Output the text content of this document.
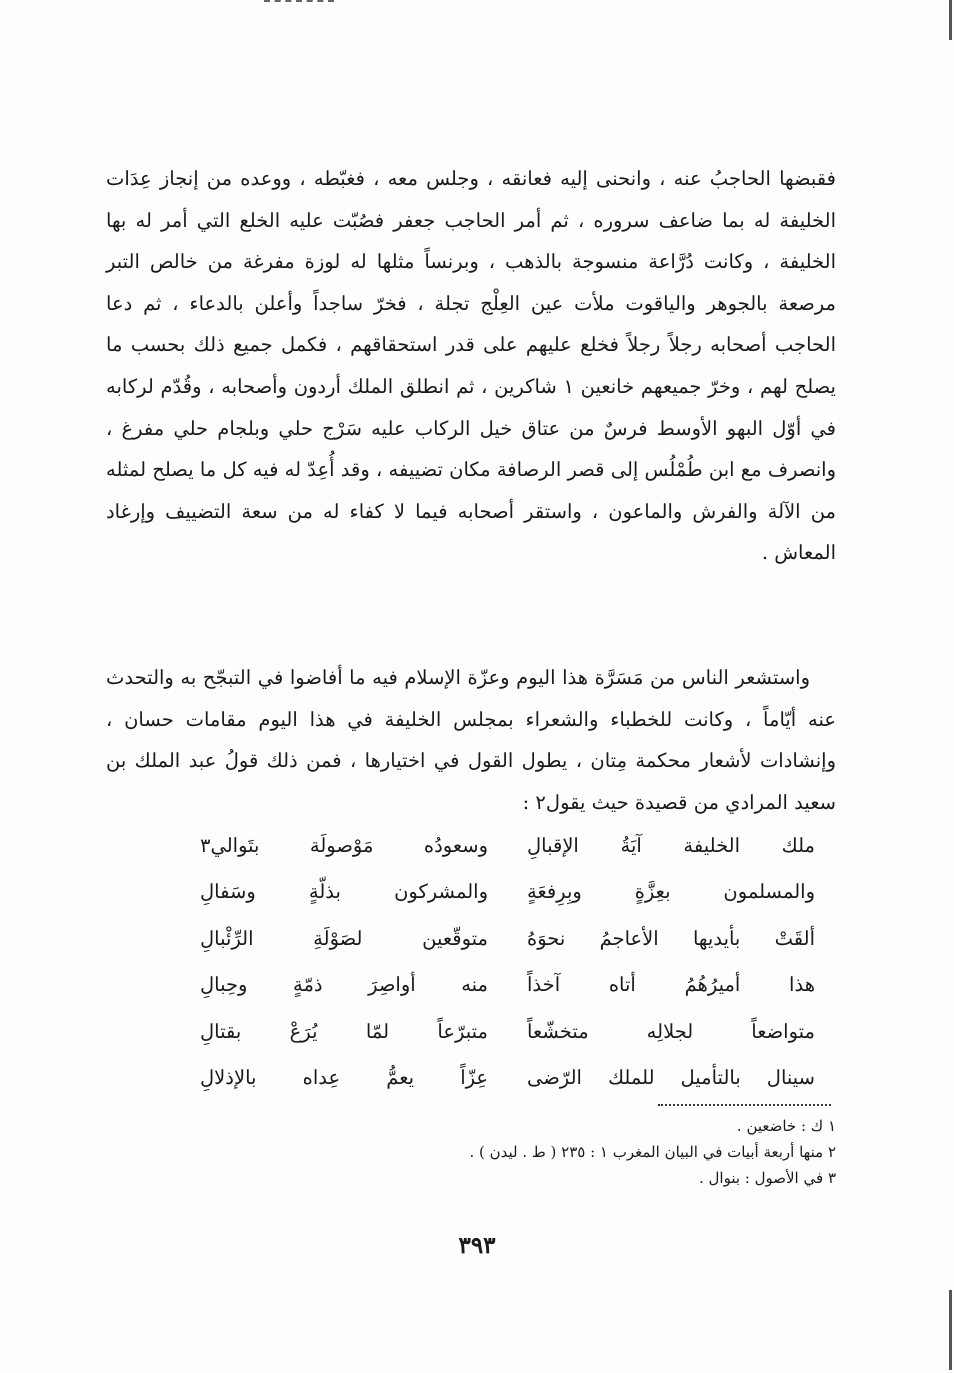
فقبضها الحاجبُ عنه ، وانحنى إليه فعانقه ، وجلس معه ، فغبّطه ، ووعده من إنجاز عِدَات الخليفة له بما ضاعف سروره ، ثم أمر الحاجب جعفر فصُبّت عليه الخلع التي أمر له بها الخليفة ، وكانت دُرَّاعة منسوجة بالذهب ، وبرنساً مثلها له لوزة مفرغة من خالص التبر مرصعة بالجوهر والياقوت ملأت عين العِلْج تجلة ، فخرّ ساجداً وأعلن بالدعاء ، ثم دعا الحاجب أصحابه رجلاً رجلاً فخلع عليهم على قدر استحقاقهم ، فكمل جميع ذلك بحسب ما يصلح لهم ، وخرّ جميعهم خانعين ١ شاكرين ، ثم انطلق الملك أردون وأصحابه ، وقُدّم لركابه في أوّل البهو الأوسط فرسٌ من عتاق خيل الركاب عليه سَرْج حلي وبلجام حلي مفرغ ، وانصرف مع ابن طُمْلُس إلى قصر الرصافة مكان تضييفه ، وقد أُعِدّ له فيه كل ما يصلح لمثله من الآلة والفرش والماعون ، واستقر أصحابه فيما لا كفاء له من سعة التضييف وإرغاد المعاش .

واستشعر الناس من مَسَرَّة هذا اليوم وعزّة الإسلام فيه ما أفاضوا في التبجّح به والتحدث عنه أيّاماً ، وكانت للخطباء والشعراء بمجلس الخليفة في هذا اليوم مقامات حسان ، وإنشادات لأشعار محكمة مِتان ، يطول القول في اختيارها ، فمن ذلك قولُ عبد الملك بن سعيد المرادي من قصيدة حيث يقول٢ :

ملك الخليفة آيَةُ الإقبالِ
وسعودُه مَوْصولَة بتَوالي٣
والمسلمون بعِزَّةٍ وبِرِفعَةٍ
والمشركون بذلّةٍ وسَفالِ
ألقَتْ بأيديها الأعاجمُ نحوَهُ
متوقّعين لصَوْلَةِ الرِّئْبالِ
هذا أميرُهُمُ أتاه آخذاً
منه أواصِرَ ذمّةٍ وحِبالِ
متواضعاً لجلالِه متخشّعاً
متبرّعاً لمّا يُرَعْ بقتالِ
سينال بالتأميل للملك الرّضى
عِزّاً يعمُّ عِداه بالإذلالِ
١ ك : خاضعين .
٢ منها أربعة أبيات في البيان المغرب ١ : ٢٣٥ ( ط . ليدن ) .
٣ في الأصول : بنوال .
٣٩٣
